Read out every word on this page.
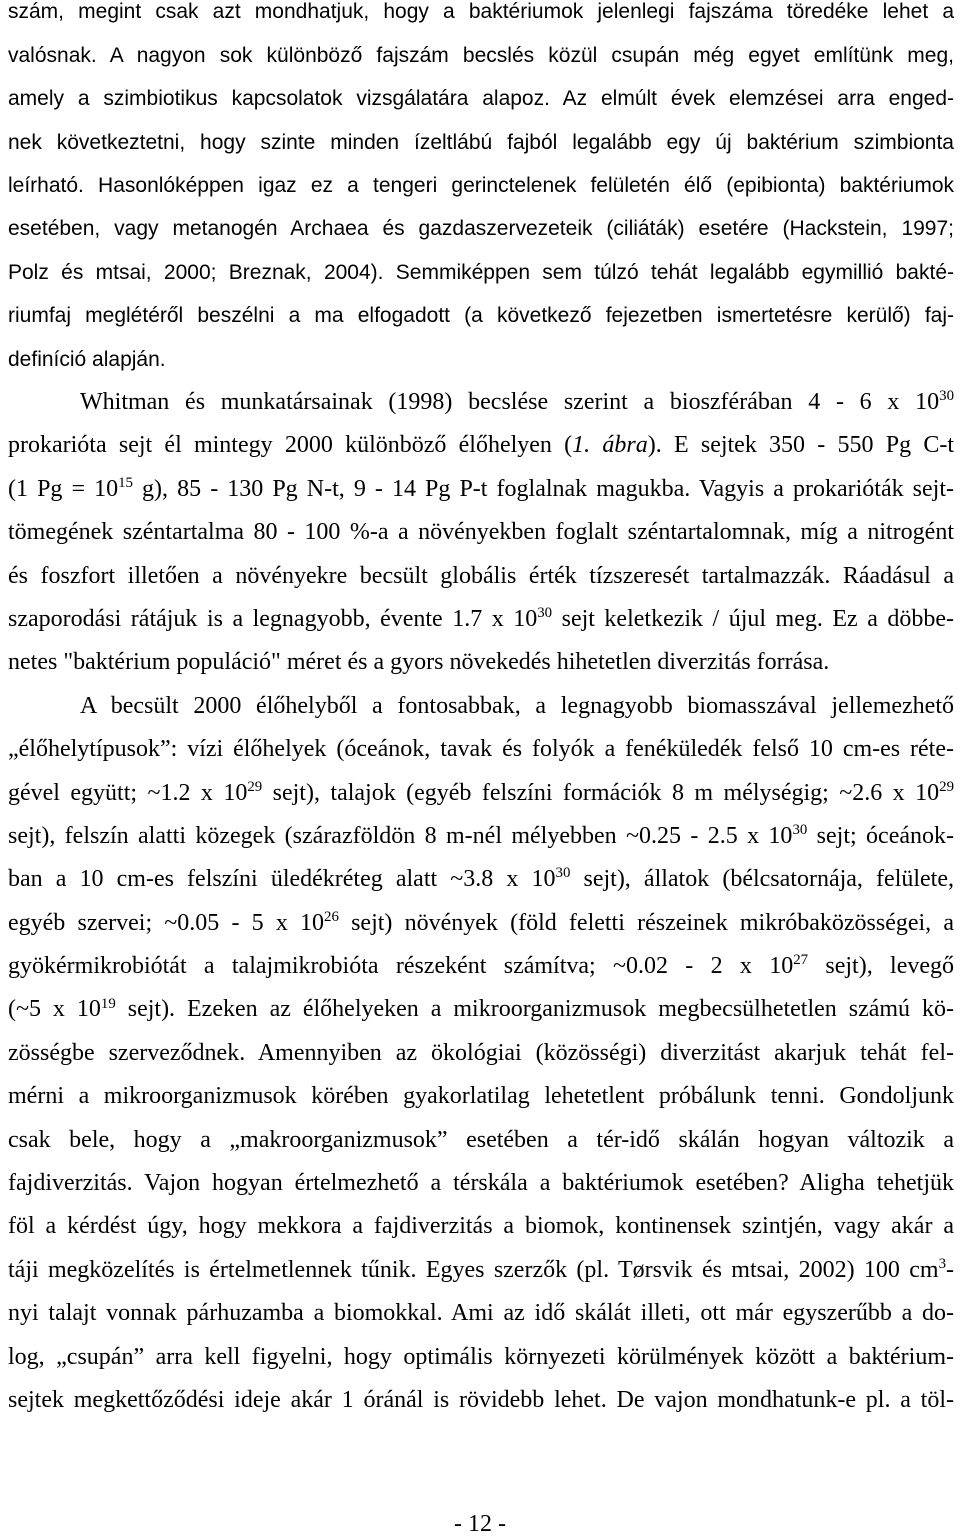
szám, megint csak azt mondhatjuk, hogy a baktériumok jelenlegi fajszáma töredéke lehet a
valósnak. A nagyon sok különböző fajszám becslés közül csupán még egyet említünk meg,
amely a szimbiotikus kapcsolatok vizsgálatára alapoz. Az elmúlt évek elemzései arra enged-
nek következtetni, hogy szinte minden ízeltlábú fajból legalább egy új baktérium szimbionta
leírható. Hasonlóképpen igaz ez a tengeri gerinctelenek felületén élő (epibionta) baktériumok
esetében, vagy metanogén Archaea és gazdaszervezeteik (ciliáták) esetére (Hackstein, 1997;
Polz és mtsai, 2000; Breznak, 2004). Semmiképpen sem túlzó tehát legalább egymillió bakté-
riumfaj meglétéről beszélni a ma elfogadott (a következő fejezetben ismertetésre kerülő) faj-
definíció alapján.
Whitman és munkatársainak (1998) becslése szerint a bioszférában 4 - 6 x $10^{30}$
prokarióta sejt él mintegy 2000 különböző élőhelyen (1. ábra). E sejtek 350 - 550 Pg C-t
(1 $Pg = 10^{15}$ g), 85 - 130 Pg N-t, 9 - 14 Pg P-t foglalnak magukba. Vagyis a prokarióták sejt-
tömegének széntartalma 80 - 100 %-a a növényekben foglalt széntartalomnak, míg a nitrogént
és foszfort illetően a növényekre becsült globális érték tízszeresét tartalmazzák. Ráadásul a
szaporodási rátájuk is a legnagyobb, évente 1.7 x $10^{30}$ sejt keletkezik / újul meg. Ez a döbbe-
netes "baktérium populáció" méret és a gyors növekedés hihetetlen diverzitás forrása.
A becsült 2000 élőhelyből a fontosabbak, a legnagyobb biomasszával jellemezhető
„élőhelytípusok”: vízi élőhelyek (óceánok, tavak és folyók a fenéküledék felső 10 cm-es réte-
gével együtt; ~1.2 x $10^{29}$ sejt), talajok (egyéb felszíni formációk 8 m mélységig; ~2.6 x $10^{29}$
sejt), felszín alatti közegek (szárazföldön 8 m-nél mélyebben ~0.25 - 2.5 x $10^{30}$ sejt; óceánok-
ban a 10 cm-es felszíni üledékréteg alatt ~3.8 x $10^{30}$ sejt), állatok (bélcsatornája, felülete,
egyéb szervei; ~0.05 - 5 x $10^{26}$ sejt) növények (föld feletti részeinek mikróbaközösségei, a
gyökérmikrobiótát a talajmikrobióta részeként számítva; ~0.02 - 2 x $10^{27}$ sejt), levegő
(~5 x $10^{19}$ sejt). Ezeken az élőhelyeken a mikroorganizmusok megbecsülhetetlen számú kö-
zösségbe szerveződnek. Amennyiben az ökológiai (közösségi) diverzitást akarjuk tehát fel-
mérni a mikroorganizmusok körében gyakorlatilag lehetetlent próbálunk tenni. Gondoljunk
csak bele, hogy a „makroorganizmusok” esetében a tér-idő skálán hogyan változik a
fajdiverzitás. Vajon hogyan értelmezhető a térskála a baktériumok esetében? Aligha tehetjük
föl a kérdést úgy, hogy mekkora a fajdiverzitás a biomok, kontinensek szintjén, vagy akár a
táji megközelítés is értelmetlennek tűnik. Egyes szerzők (pl. Tørsvik és mtsai, 2002) 100 $cm^3-$
nyi talajt vonnak párhuzamba a biomokkal. Ami az idő skálát illeti, ott már egyszerűbb a do-
log, „csupán” arra kell figyelni, hogy optimális környezeti körülmények között a baktérium-
sejtek megkettőződési ideje akár 1 óránál is rövidebb lehet. De vajon mondhatunk-e pl. a töl-
- 12 -
